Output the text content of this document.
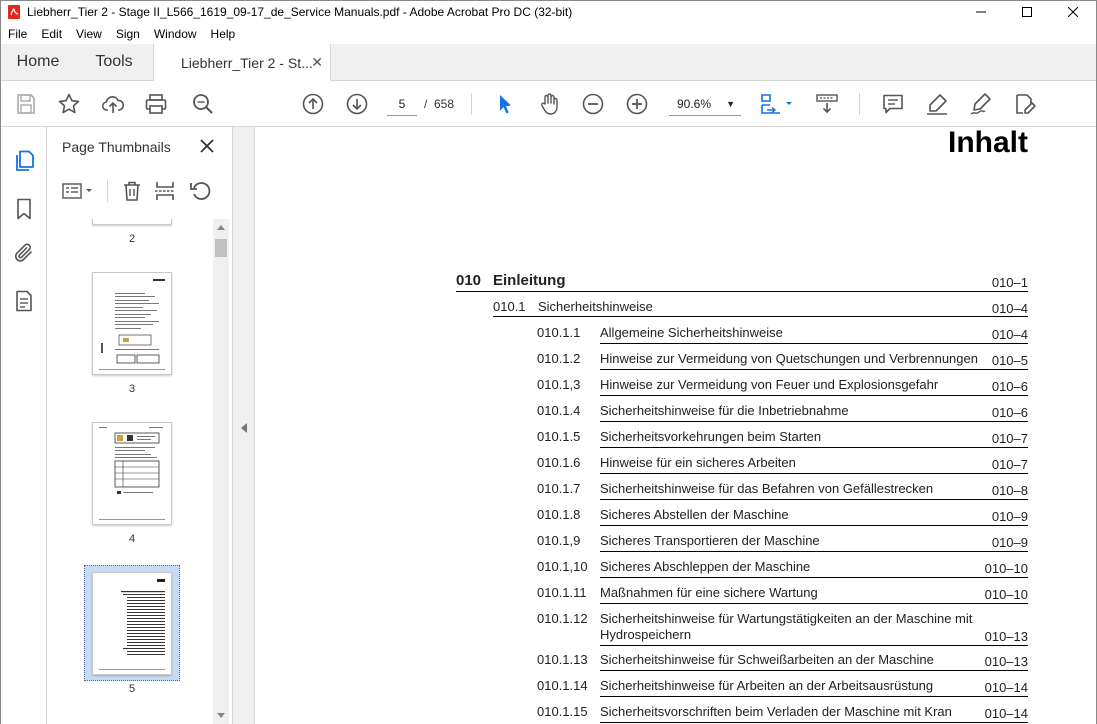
Liebherr_Tier 2 - Stage II_L566_1619_09-17_de_Service Manuals.pdf - Adobe Acrobat Pro DC (32-bit)
File	Edit	View	Sign	Window	Help
Home	Tools	Liebherr_Tier 2 - St...
✕
5	/ 658	90.6% ▼
Page Thumbnails
2
3
4
5
Inhalt
010 Einleitung	010–1
010.1 Sicherheitshinweise	010–4
010.1.1 Allgemeine Sicherheitshinweise	010–4
010.1.2 Hinweise zur Vermeidung von Quetschungen und Verbrennungen 010–5
010.1,3 Hinweise zur Vermeidung von Feuer und Explosionsgefahr	010–6
010.1.4 Sicherheitshinweise für die Inbetriebnahme	010–6
010.1.5 Sicherheitsvorkehrungen beim Starten	010–7
010.1.6 Hinweise für ein sicheres Arbeiten	010–7
010.1.7 Sicherheitshinweise für das Befahren von Gefällestrecken	010–8
010.1.8 Sicheres Abstellen der Maschine	010–9
010.1,9 Sicheres Transportieren der Maschine	010–9
010.1,10 Sicheres Abschleppen der Maschine	010–10
010.1.11 Maßnahmen für eine sichere Wartung	010–10
010.1.12 Sicherheitshinweise für Wartungstätigkeiten an der Maschine mit Hydrospeichern	010–13
010.1.13 Sicherheitshinweise für Schweißarbeiten an der Maschine	010–13
010.1.14 Sicherheitshinweise für Arbeiten an der Arbeitsausrüstung	010–14
010.1.15 Sicherheitsvorschriften beim Verladen der Maschine mit Kran	010–14
